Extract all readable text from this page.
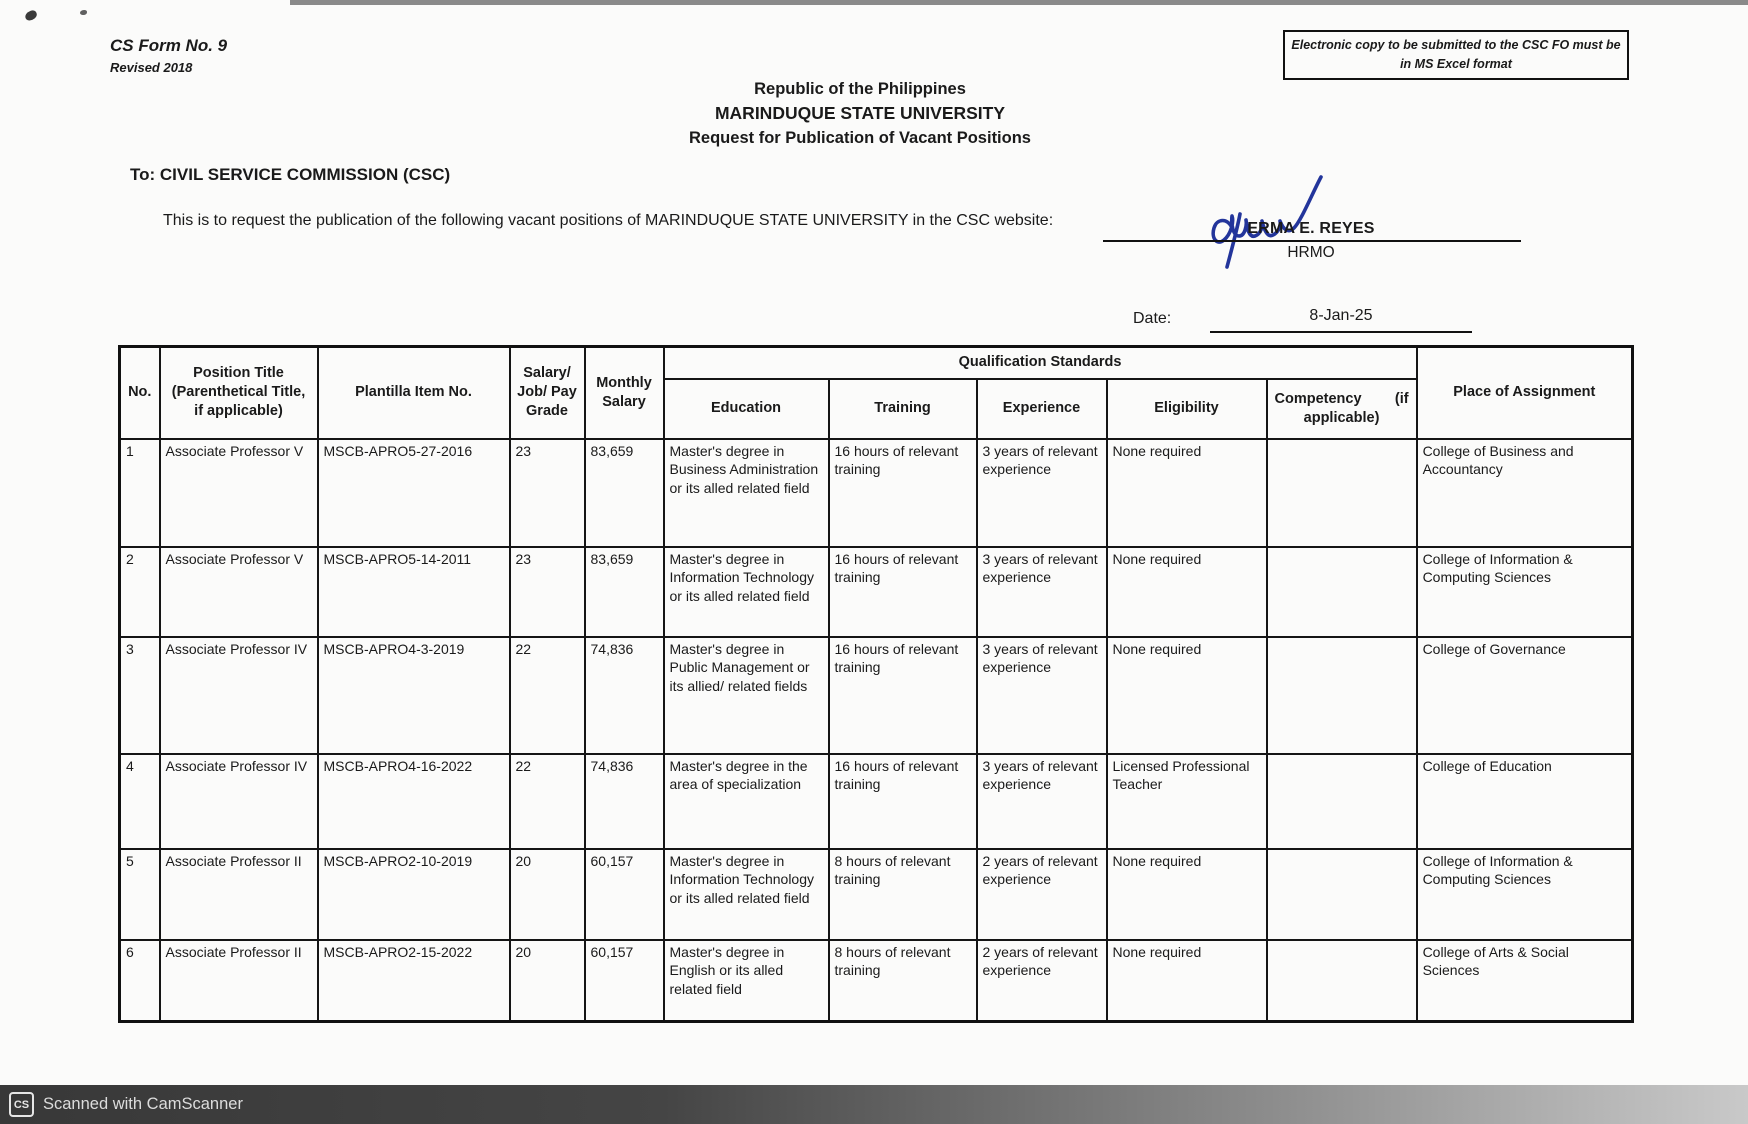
CS Form No. 9
Revised 2018
Republic of the Philippines
MARINDUQUE STATE UNIVERSITY
Request for Publication of Vacant Positions
Electronic copy to be submitted to the CSC FO must be in MS Excel format
To: CIVIL SERVICE COMMISSION (CSC)
This is to request the publication of the following vacant positions of MARINDUQUE STATE UNIVERSITY in the CSC website:	ERMA E. REYES
HRMO
Date:	8-Jan-25
No.	Position Title (Parenthetical Title, if applicable)	Plantilla Item No.	Salary/ Job/ Pay Grade	Monthly Salary	Qualification Standards					Place of Assignment
					Education	Training	Experience	Eligibility	Competency (if
applicable)	

1	Associate Professor V	MSCB-APRO5-27-2016	23	83,659	Master's degree in Business Administration or its alled related field	16 hours of relevant training	3 years of relevant experience	None required		College of Business and Accountancy
2	Associate Professor V	MSCB-APRO5-14-2011	23	83,659	Master's degree in Information Technology or its alled related field	16 hours of relevant training	3 years of relevant experience	None required		College of Information & Computing Sciences
3	Associate Professor IV	MSCB-APRO4-3-2019	22	74,836	Master's degree in Public Management or its allied/ related fields	16 hours of relevant training	3 years of relevant experience	None required		College of Governance
4	Associate Professor IV	MSCB-APRO4-16-2022	22	74,836	Master's degree in the area of specialization	16 hours of relevant training	3 years of relevant experience	Licensed Professional Teacher		College of Education
5	Associate Professor II	MSCB-APRO2-10-2019	20	60,157	Master's degree in Information Technology or its alled related field	8 hours of relevant training	2 years of relevant experience	None required		College of Information & Computing Sciences
6	Associate Professor II	MSCB-APRO2-15-2022	20	60,157	Master's degree in English or its alled related field	8 hours of relevant training	2 years of relevant experience	None required		College of Arts & Social Sciences
CS Scanned with CamScanner
